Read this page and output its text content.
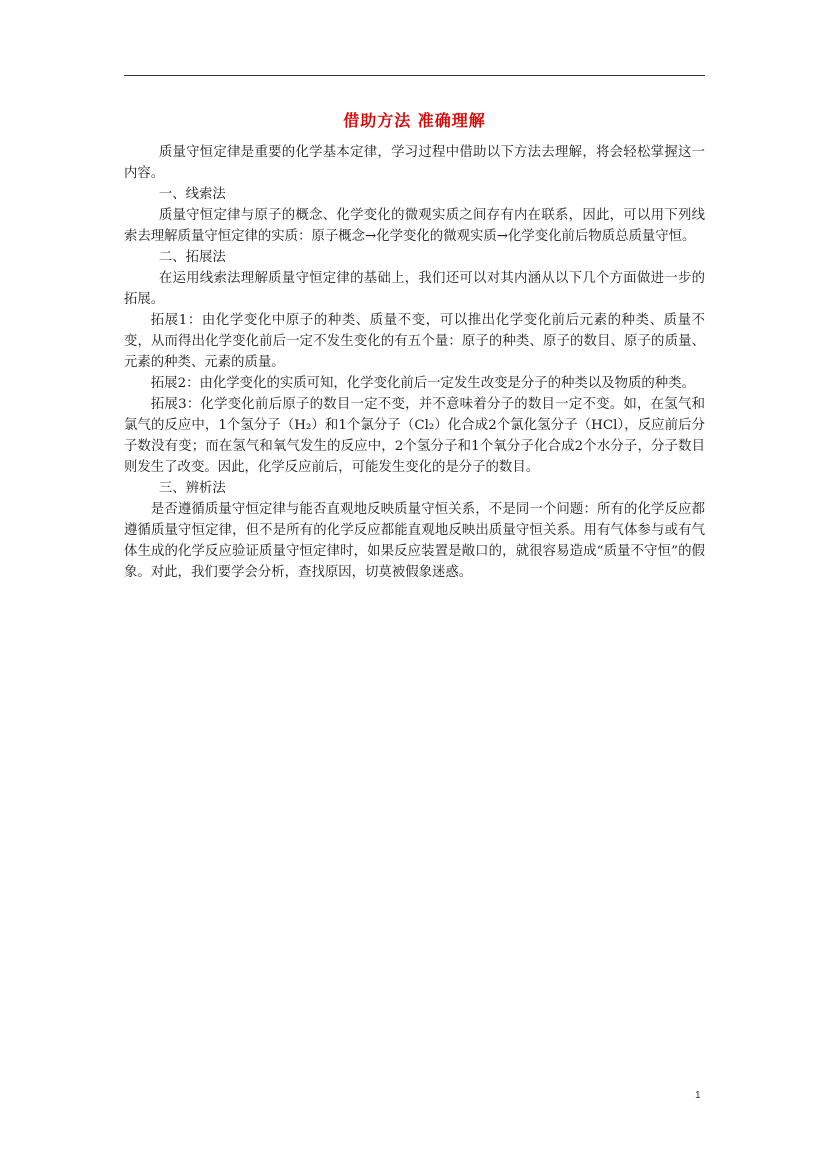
借助方法 准确理解

质量守恒定律是重要的化学基本定律，学习过程中借助以下方法去理解，将会轻松掌握这一内容。

一、线索法

质量守恒定律与原子的概念、化学变化的微观实质之间存有内在联系，因此，可以用下列线索去理解质量守恒定律的实质：原子概念→化学变化的微观实质→化学变化前后物质总质量守恒。

二、拓展法

在运用线索法理解质量守恒定律的基础上，我们还可以对其内涵从以下几个方面做进一步的拓展。

拓展1：由化学变化中原子的种类、质量不变，可以推出化学变化前后元素的种类、质量不变，从而得出化学变化前后一定不发生变化的有五个量：原子的种类、原子的数目、原子的质量、元素的种类、元素的质量。

拓展2：由化学变化的实质可知，化学变化前后一定发生改变是分子的种类以及物质的种类。

拓展3：化学变化前后原子的数目一定不变，并不意味着分子的数目一定不变。如，在氢气和氯气的反应中，1个氢分子（H₂）和1个氯分子（Cl₂）化合成2个氯化氢分子（HCl），反应前后分子数没有变；而在氢气和氧气发生的反应中，2个氢分子和1个氧分子化合成2个水分子，分子数目则发生了改变。因此，化学反应前后，可能发生变化的是分子的数目。

三、辨析法

是否遵循质量守恒定律与能否直观地反映质量守恒关系，不是同一个问题：所有的化学反应都遵循质量守恒定律，但不是所有的化学反应都能直观地反映出质量守恒关系。用有气体参与或有气体生成的化学反应验证质量守恒定律时，如果反应装置是敞口的，就很容易造成“质量不守恒”的假象。对此，我们要学会分析，查找原因，切莫被假象迷惑。

1
